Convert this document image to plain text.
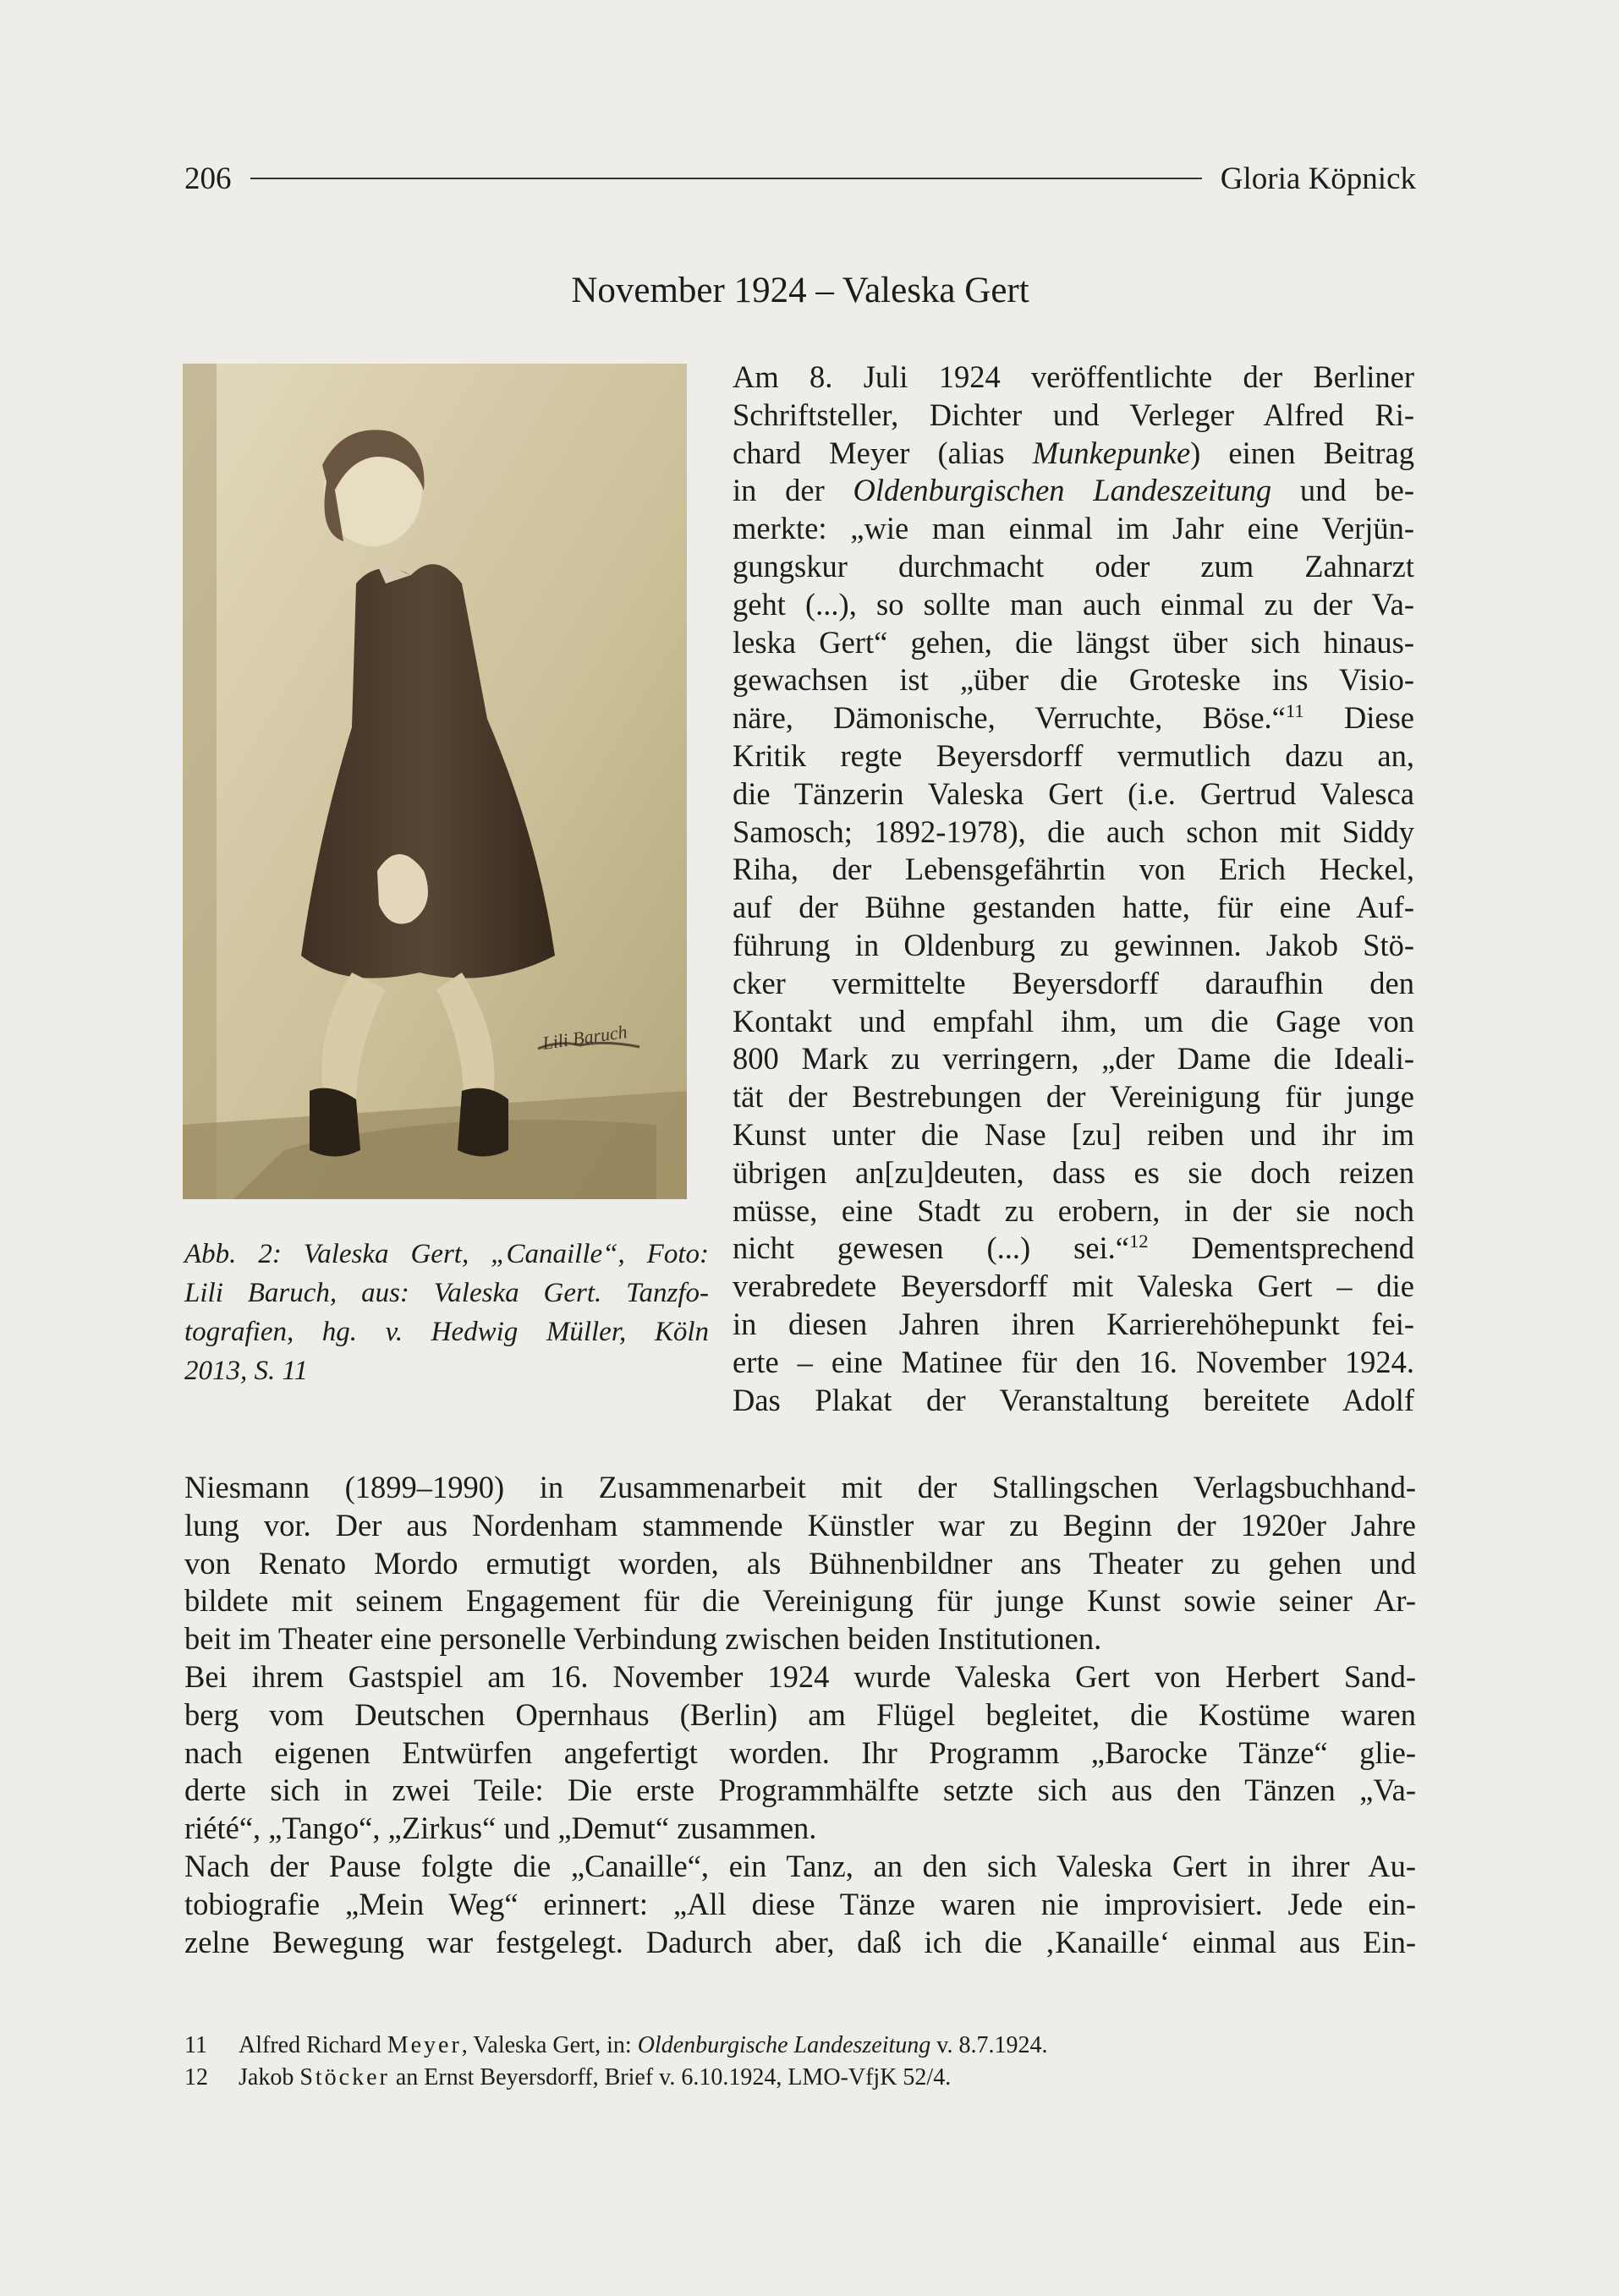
206	Gloria Köpnick
November 1924 – Valeska Gert
Lili Baruch
Abb. 2: Valeska Gert, „Canaille“, Foto:
Lili Baruch, aus: Valeska Gert. Tanzfo-
tografien, hg. v. Hedwig Müller, Köln
2013, S. 11
Am 8. Juli 1924 veröffentlichte der Berliner
Schriftsteller, Dichter und Verleger Alfred Ri-
chard Meyer (alias Munkepunke) einen Beitrag
in der Oldenburgischen Landeszeitung und be-
merkte: „wie man einmal im Jahr eine Verjün-
gungskur durchmacht oder zum Zahnarzt
geht (...), so sollte man auch einmal zu der Va-
leska Gert“ gehen, die längst über sich hinaus-
gewachsen ist „über die Groteske ins Visio-
näre, Dämonische, Verruchte, Böse.“$^{11}$ Diese
Kritik regte Beyersdorff vermutlich dazu an,
die Tänzerin Valeska Gert (i.e. Gertrud Valesca
Samosch; 1892-1978), die auch schon mit Siddy
Riha, der Lebensgefährtin von Erich Heckel,
auf der Bühne gestanden hatte, für eine Auf-
führung in Oldenburg zu gewinnen. Jakob Stö-
cker vermittelte Beyersdorff daraufhin den
Kontakt und empfahl ihm, um die Gage von
800 Mark zu verringern, „der Dame die Ideali-
tät der Bestrebungen der Vereinigung für junge
Kunst unter die Nase [zu] reiben und ihr im
übrigen an[zu]deuten, dass es sie doch reizen
müsse, eine Stadt zu erobern, in der sie noch
nicht gewesen (...) sei.“$^{12}$ Dementsprechend
verabredete Beyersdorff mit Valeska Gert – die
in diesen Jahren ihren Karrierehöhepunkt fei-
erte – eine Matinee für den 16. November 1924.
Das Plakat der Veranstaltung bereitete Adolf
Niesmann (1899–1990) in Zusammenarbeit mit der Stallingschen Verlagsbuchhand-
lung vor. Der aus Nordenham stammende Künstler war zu Beginn der 1920er Jahre
von Renato Mordo ermutigt worden, als Bühnenbildner ans Theater zu gehen und
bildete mit seinem Engagement für die Vereinigung für junge Kunst sowie seiner Ar-
beit im Theater eine personelle Verbindung zwischen beiden Institutionen.
Bei ihrem Gastspiel am 16. November 1924 wurde Valeska Gert von Herbert Sand-
berg vom Deutschen Opernhaus (Berlin) am Flügel begleitet, die Kostüme waren
nach eigenen Entwürfen angefertigt worden. Ihr Programm „Barocke Tänze“ glie-
derte sich in zwei Teile: Die erste Programmhälfte setzte sich aus den Tänzen „Va-
riété“, „Tango“, „Zirkus“ und „Demut“ zusammen.
Nach der Pause folgte die „Canaille“, ein Tanz, an den sich Valeska Gert in ihrer Au-
tobiografie „Mein Weg“ erinnert: „All diese Tänze waren nie improvisiert. Jede ein-
zelne Bewegung war festgelegt. Dadurch aber, daß ich die ‚Kanaille‘ einmal aus Ein-
11	Alfred Richard Meyer, Valeska Gert, in: Oldenburgische Landeszeitung v. 8.7.1924.
12	Jakob Stöcker an Ernst Beyersdorff, Brief v. 6.10.1924, LMO-VfjK 52/4.
